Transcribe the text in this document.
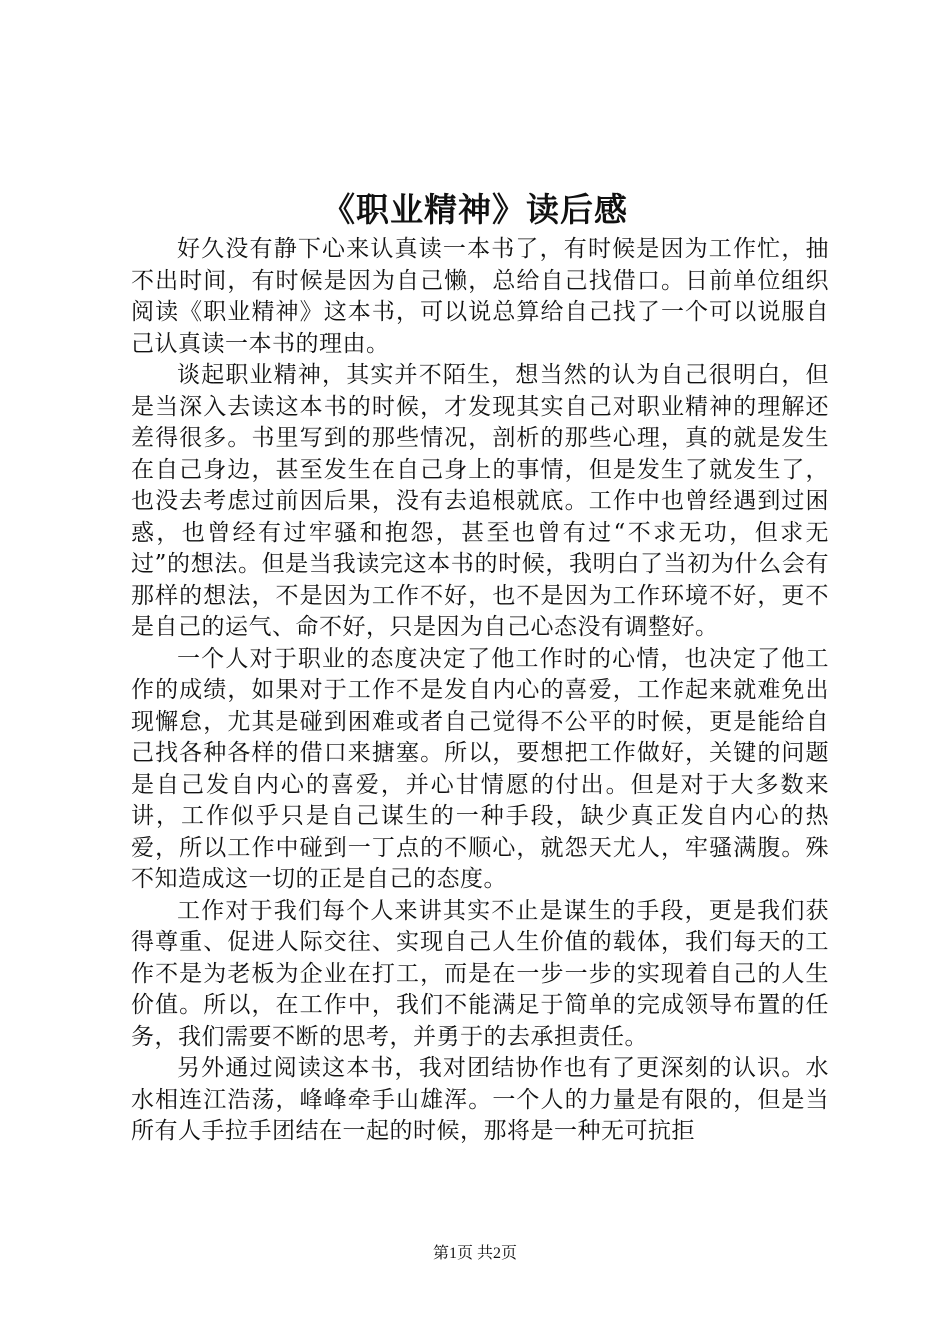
《职业精神》读后感

好久没有静下心来认真读一本书了，有时候是因为工作忙，抽不出时间，有时候是因为自己懒，总给自己找借口。日前单位组织阅读《职业精神》这本书，可以说总算给自己找了一个可以说服自己认真读一本书的理由。

谈起职业精神，其实并不陌生，想当然的认为自己很明白，但是当深入去读这本书的时候，才发现其实自己对职业精神的理解还差得很多。书里写到的那些情况，剖析的那些心理，真的就是发生在自己身边，甚至发生在自己身上的事情，但是发生了就发生了，也没去考虑过前因后果，没有去追根就底。工作中也曾经遇到过困惑，也曾经有过牢骚和抱怨，甚至也曾有过“不求无功，但求无过”的想法。但是当我读完这本书的时候，我明白了当初为什么会有那样的想法，不是因为工作不好，也不是因为工作环境不好，更不是自己的运气、命不好，只是因为自己心态没有调整好。

一个人对于职业的态度决定了他工作时的心情，也决定了他工作的成绩，如果对于工作不是发自内心的喜爱，工作起来就难免出现懈怠，尤其是碰到困难或者自己觉得不公平的时候，更是能给自己找各种各样的借口来搪塞。所以，要想把工作做好，关键的问题是自己发自内心的喜爱，并心甘情愿的付出。但是对于大多数来讲，工作似乎只是自己谋生的一种手段，缺少真正发自内心的热爱，所以工作中碰到一丁点的不顺心，就怨天尤人，牢骚满腹。殊不知造成这一切的正是自己的态度。

工作对于我们每个人来讲其实不止是谋生的手段，更是我们获得尊重、促进人际交往、实现自己人生价值的载体，我们每天的工作不是为老板为企业在打工，而是在一步一步的实现着自己的人生价值。所以，在工作中，我们不能满足于简单的完成领导布置的任务，我们需要不断的思考，并勇于的去承担责任。

另外通过阅读这本书，我对团结协作也有了更深刻的认识。水水相连江浩荡，峰峰牵手山雄浑。一个人的力量是有限的，但是当所有人手拉手团结在一起的时候，那将是一种无可抗拒

第1页 共2页
